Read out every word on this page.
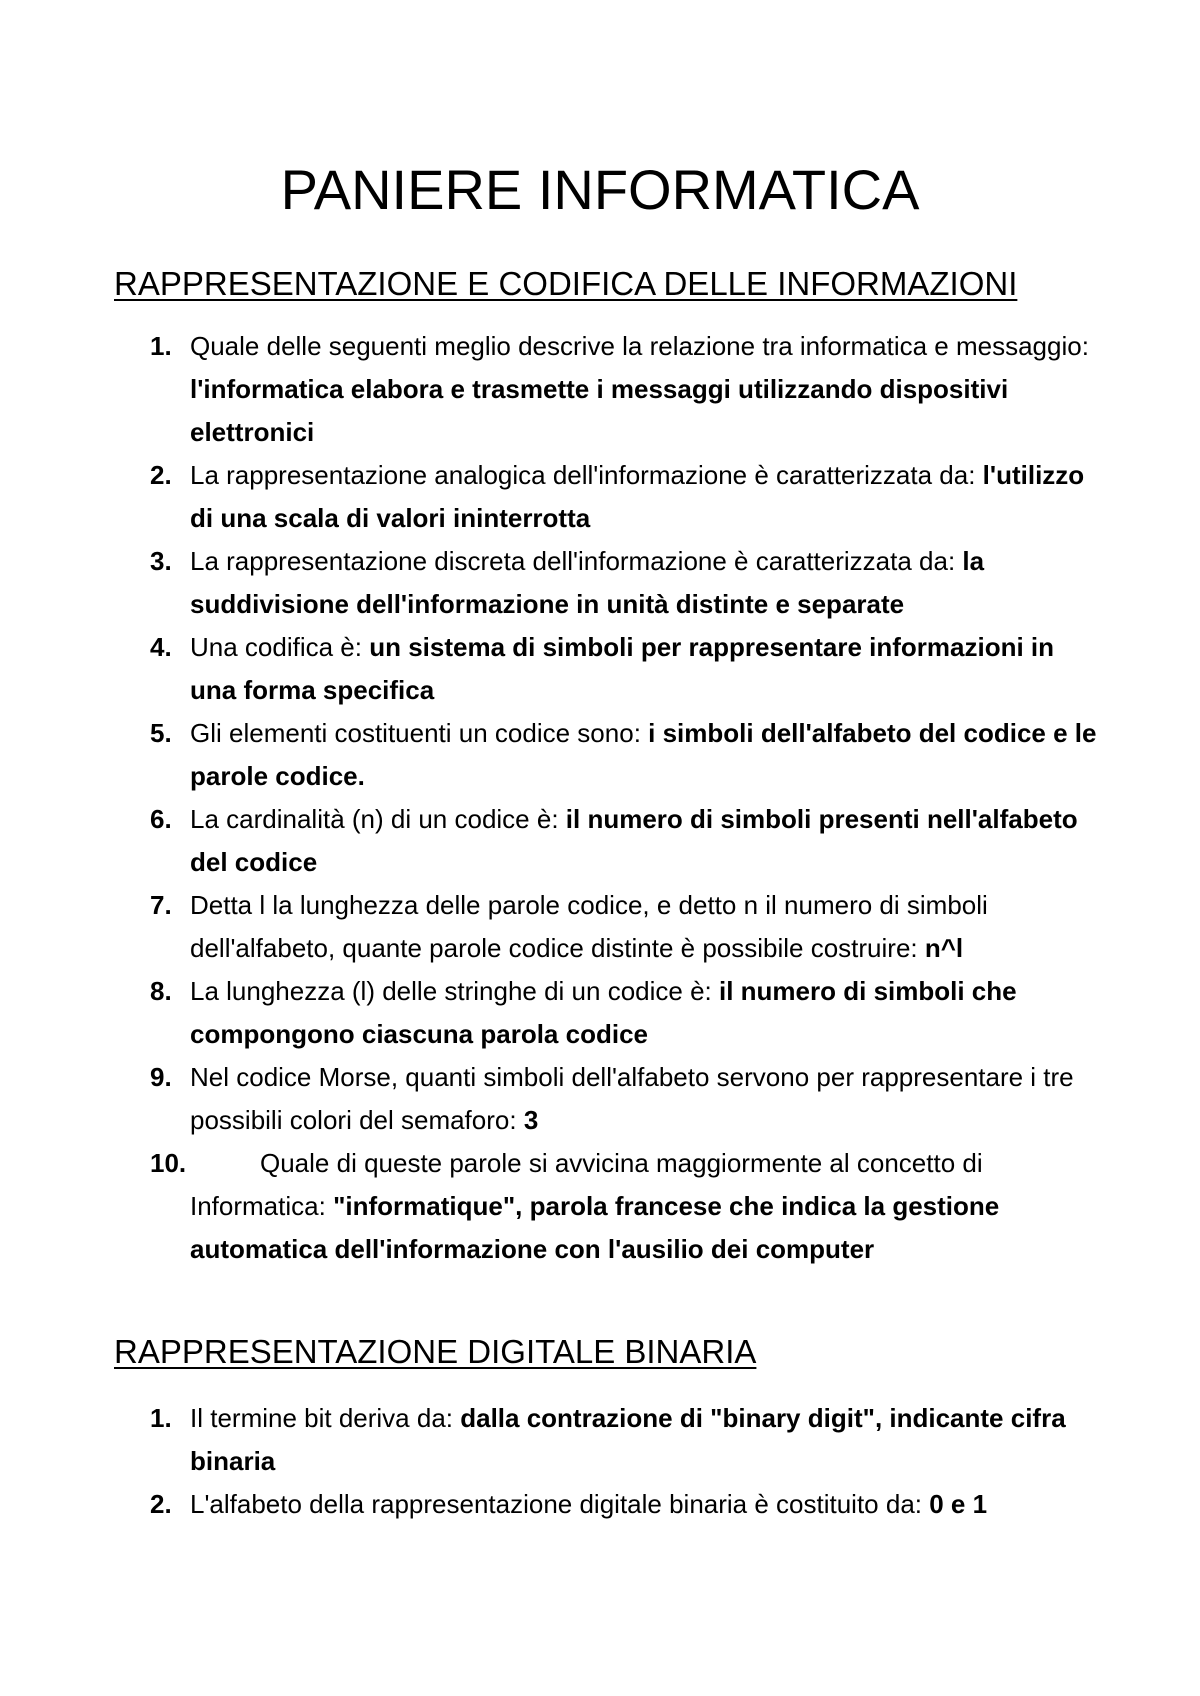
PANIERE INFORMATICA
RAPPRESENTAZIONE E CODIFICA DELLE INFORMAZIONI
1. Quale delle seguenti meglio descrive la relazione tra informatica e messaggio: l'informatica elabora e trasmette i messaggi utilizzando dispositivi elettronici
2. La rappresentazione analogica dell'informazione è caratterizzata da: l'utilizzo di una scala di valori ininterrotta
3. La rappresentazione discreta dell'informazione è caratterizzata da: la suddivisione dell'informazione in unità distinte e separate
4. Una codifica è: un sistema di simboli per rappresentare informazioni in una forma specifica
5. Gli elementi costituenti un codice sono: i simboli dell'alfabeto del codice e le parole codice.
6. La cardinalità (n) di un codice è: il numero di simboli presenti nell'alfabeto del codice
7. Detta l la lunghezza delle parole codice, e detto n il numero di simboli dell'alfabeto, quante parole codice distinte è possibile costruire: n^l
8. La lunghezza (l) delle stringhe di un codice è: il numero di simboli che compongono ciascuna parola codice
9. Nel codice Morse, quanti simboli dell'alfabeto servono per rappresentare i tre possibili colori del semaforo: 3
10.	Quale di queste parole si avvicina maggiormente al concetto di Informatica: "informatique", parola francese che indica la gestione automatica dell'informazione con l'ausilio dei computer
RAPPRESENTAZIONE DIGITALE BINARIA
1. Il termine bit deriva da: dalla contrazione di "binary digit", indicante cifra binaria
2. L'alfabeto della rappresentazione digitale binaria è costituito da: 0 e 1
